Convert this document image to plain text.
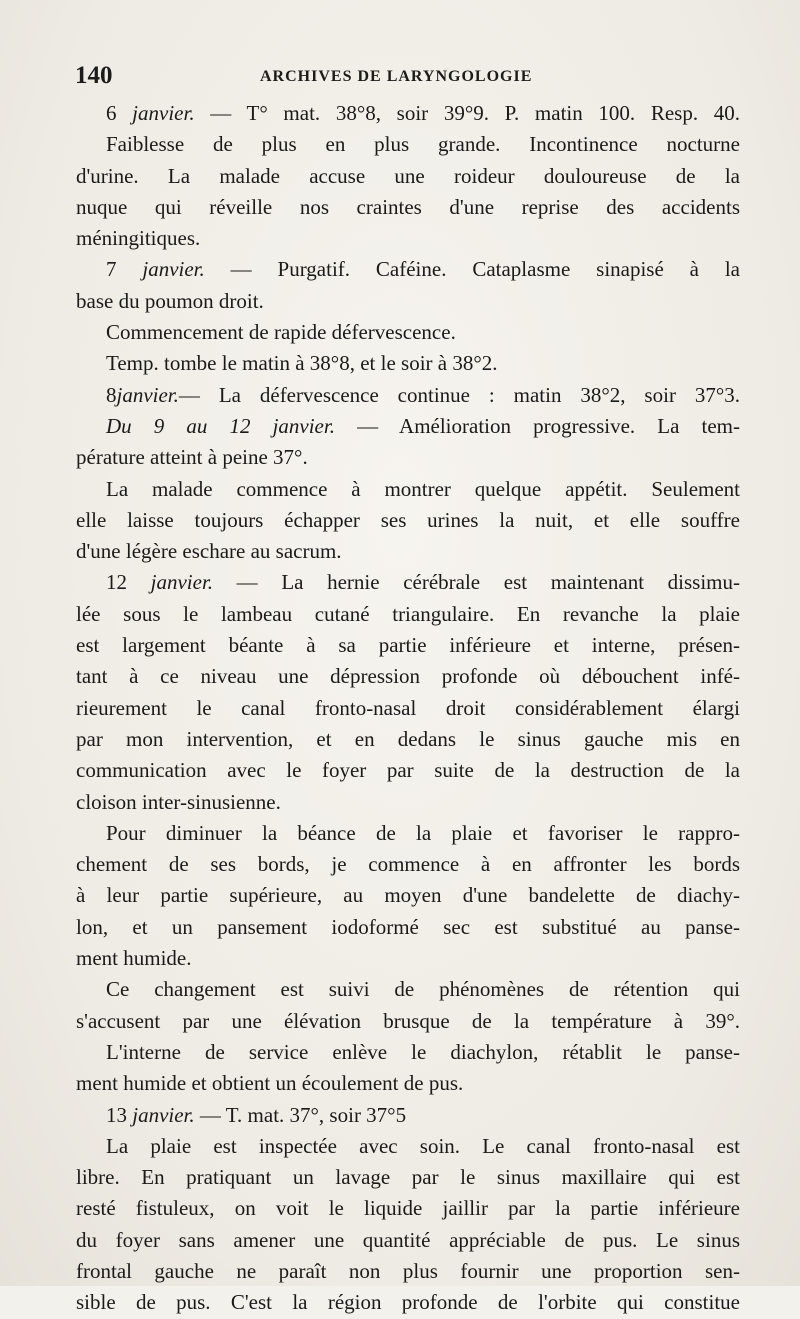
140	ARCHIVES DE LARYNGOLOGIE
6 janvier. — T° mat. 38°8, soir 39°9. P. matin 100. Resp. 40.
Faiblesse de plus en plus grande. Incontinence nocturne
d'urine. La malade accuse une roideur douloureuse de la
nuque qui réveille nos craintes d'une reprise des accidents
méningitiques.
7 janvier. — Purgatif. Caféine. Cataplasme sinapisé à la
base du poumon droit.
Commencement de rapide défervescence.
Temp. tombe le matin à 38°8, et le soir à 38°2.
8janvier.— La défervescence continue : matin 38°2, soir 37°3.
Du 9 au 12 janvier. — Amélioration progressive. La tem-
pérature atteint à peine 37°.
La malade commence à montrer quelque appétit. Seulement
elle laisse toujours échapper ses urines la nuit, et elle souffre
d'une légère eschare au sacrum.
12 janvier. — La hernie cérébrale est maintenant dissimu-
lée sous le lambeau cutané triangulaire. En revanche la plaie
est largement béante à sa partie inférieure et interne, présen-
tant à ce niveau une dépression profonde où débouchent infé-
rieurement le canal fronto-nasal droit considérablement élargi
par mon intervention, et en dedans le sinus gauche mis en
communication avec le foyer par suite de la destruction de la
cloison inter-sinusienne.
Pour diminuer la béance de la plaie et favoriser le rappro-
chement de ses bords, je commence à en affronter les bords
à leur partie supérieure, au moyen d'une bandelette de diachy-
lon, et un pansement iodoformé sec est substitué au panse-
ment humide.
Ce changement est suivi de phénomènes de rétention qui
s'accusent par une élévation brusque de la température à 39°.
L'interne de service enlève le diachylon, rétablit le panse-
ment humide et obtient un écoulement de pus.
13 janvier. — T. mat. 37°, soir 37°5
La plaie est inspectée avec soin. Le canal fronto-nasal est
libre. En pratiquant un lavage par le sinus maxillaire qui est
resté fistuleux, on voit le liquide jaillir par la partie inférieure
du foyer sans amener une quantité appréciable de pus. Le sinus
frontal gauche ne paraît non plus fournir une proportion sen-
sible de pus. C'est la région profonde de l'orbite qui constitue
